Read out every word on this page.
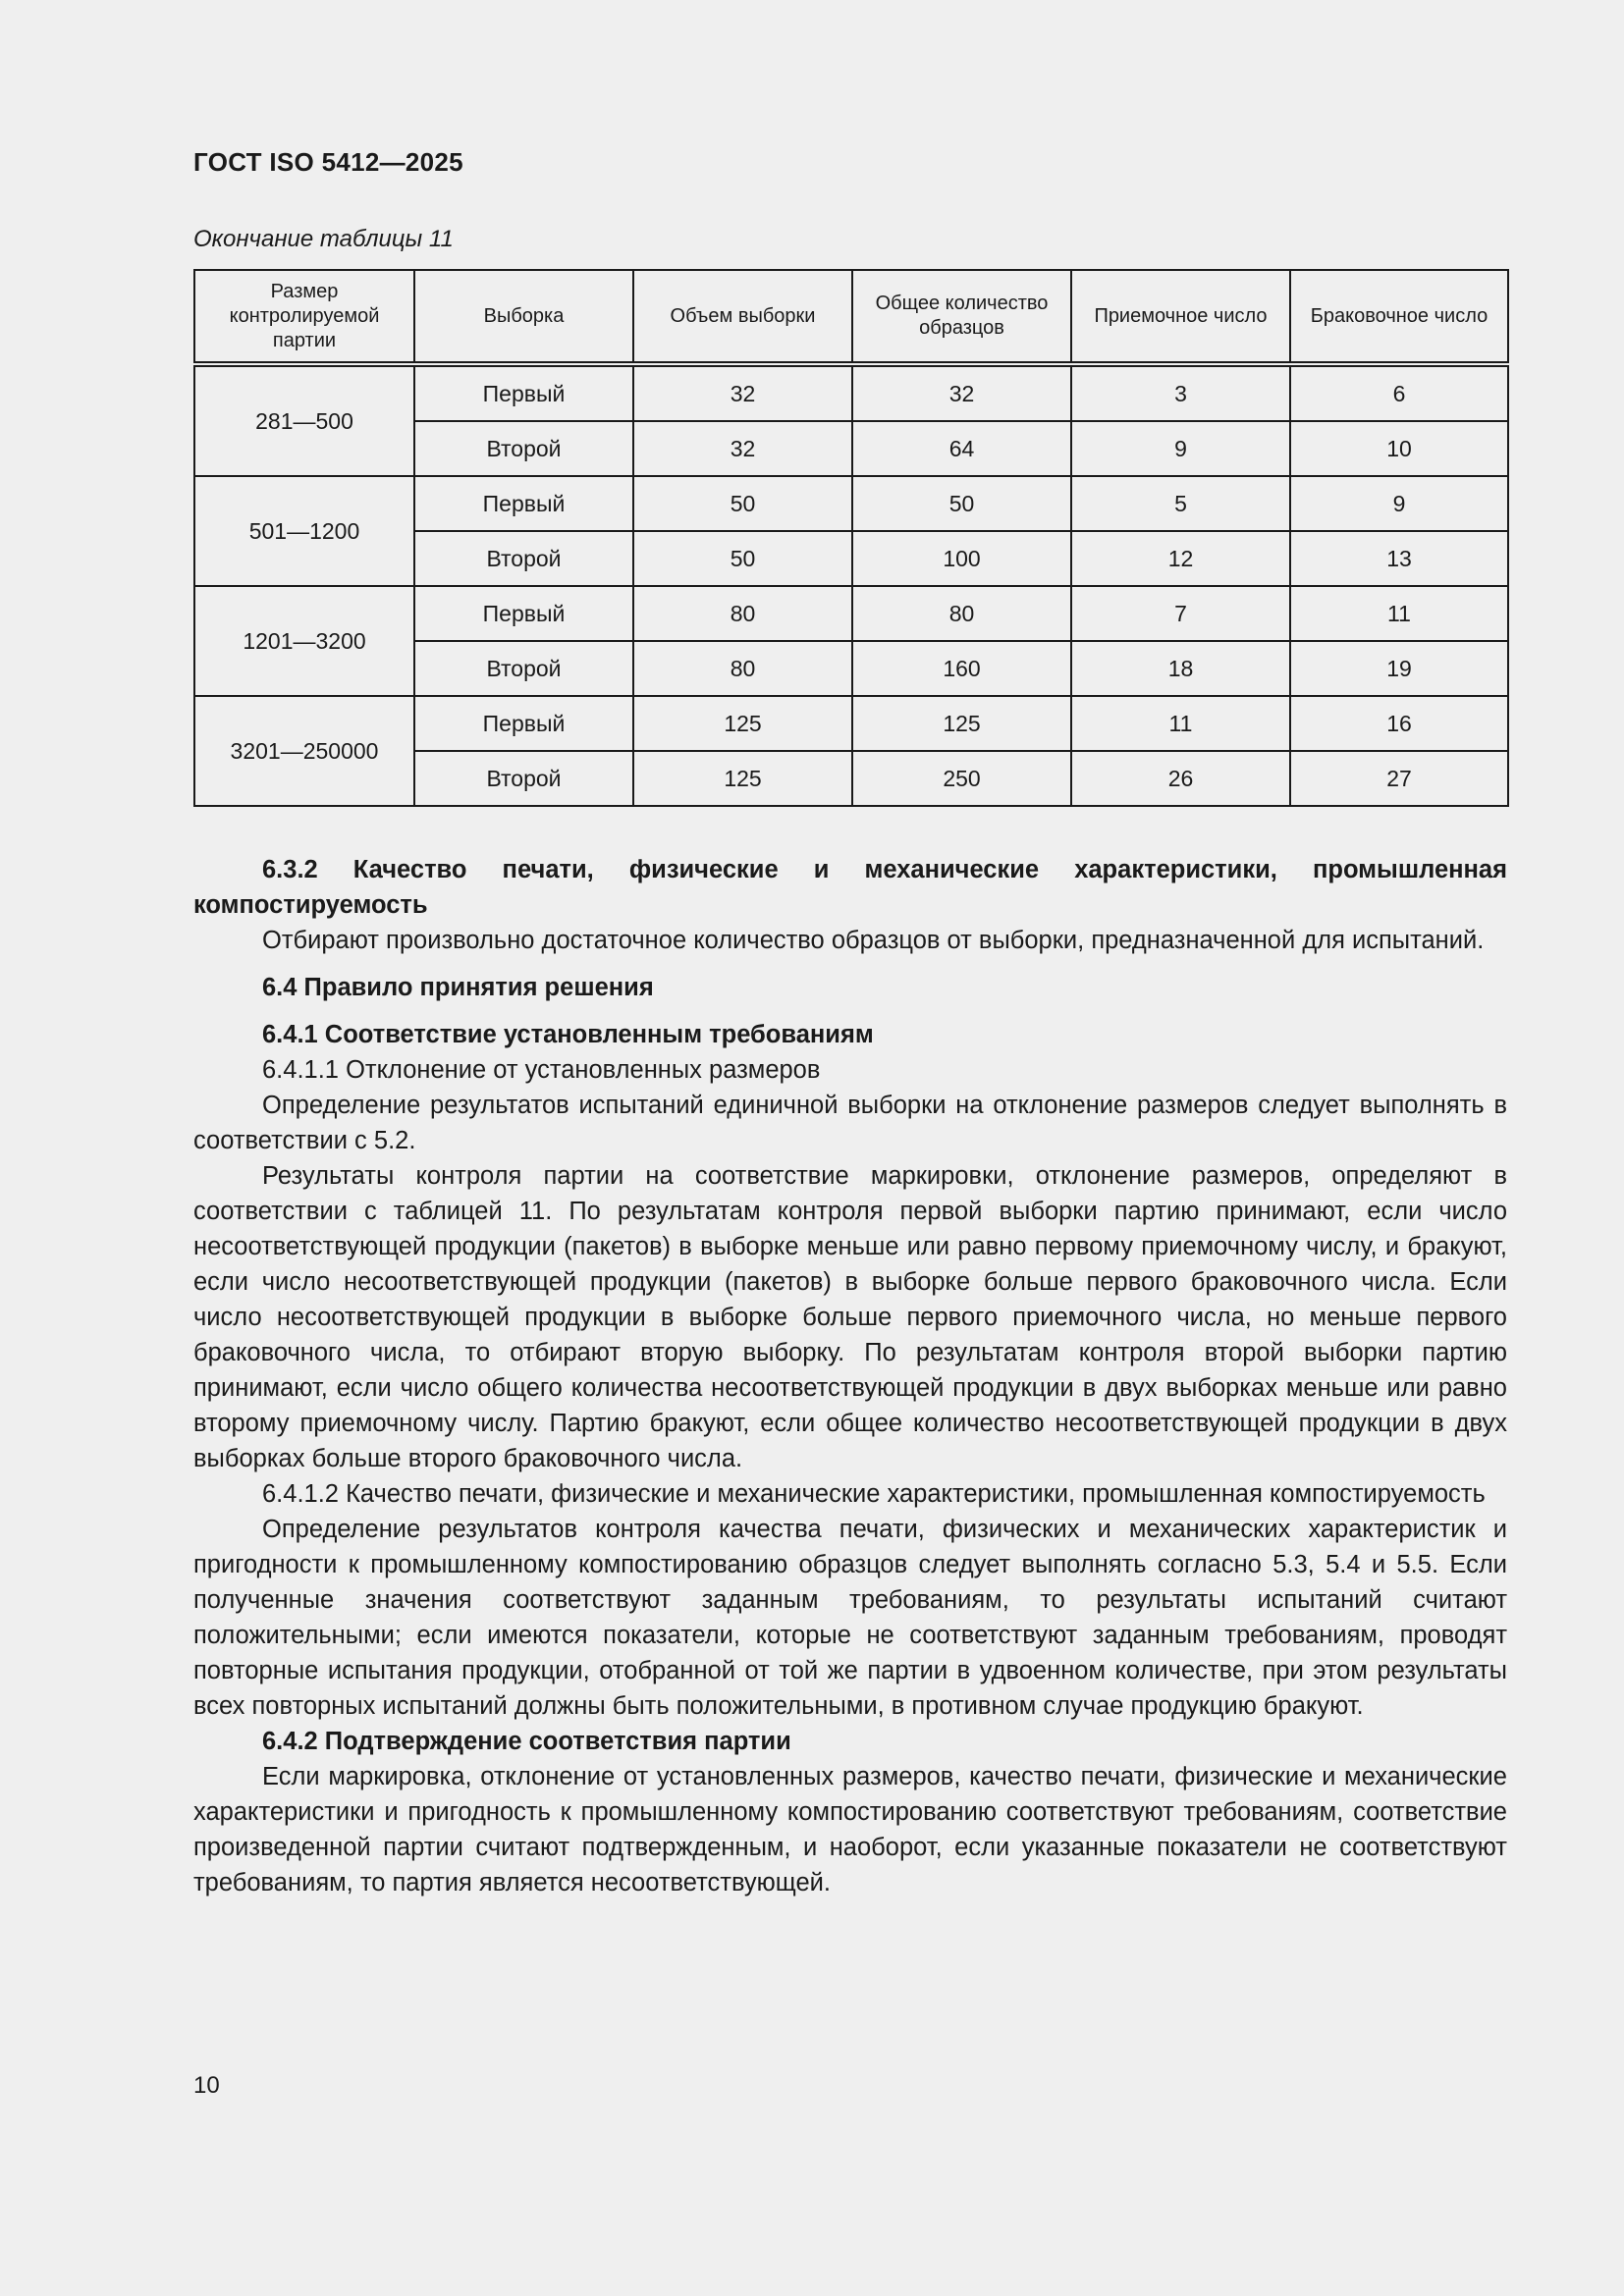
ГОСТ ISO 5412—2025
Окончание таблицы 11
Размер контролируемой партии	Выборка	Объем выборки	Общее количество образцов	Приемочное число	Браковочное число
281—500	Первый	32	32	3	6
	Второй	32	64	9	10
501—1200	Первый	50	50	5	9
	Второй	50	100	12	13
1201—3200	Первый	80	80	7	11
	Второй	80	160	18	19
3201—250000	Первый	125	125	11	16
	Второй	125	250	26	27

6.3.2 Качество печати, физические и механические характеристики, промышленная компостируемость

Отбирают произвольно достаточное количество образцов от выборки, предназначенной для испытаний.

6.4 Правило принятия решения

6.4.1 Соответствие установленным требованиям

6.4.1.1 Отклонение от установленных размеров

Определение результатов испытаний единичной выборки на отклонение размеров следует выполнять в соответствии с 5.2.

Результаты контроля партии на соответствие маркировки, отклонение размеров, определяют в соответствии с таблицей 11. По результатам контроля первой выборки партию принимают, если число несоответствующей продукции (пакетов) в выборке меньше или равно первому приемочному числу, и бракуют, если число несоответствующей продукции (пакетов) в выборке больше первого браковочного числа. Если число несоответствующей продукции в выборке больше первого приемочного числа, но меньше первого браковочного числа, то отбирают вторую выборку. По результатам контроля второй выборки партию принимают, если число общего количества несоответствующей продукции в двух выборках меньше или равно второму приемочному числу. Партию бракуют, если общее количество несоответствующей продукции в двух выборках больше второго браковочного числа.

6.4.1.2 Качество печати, физические и механические характеристики, промышленная компостируемость

Определение результатов контроля качества печати, физических и механических характеристик и пригодности к промышленному компостированию образцов следует выполнять согласно 5.3, 5.4 и 5.5. Если полученные значения соответствуют заданным требованиям, то результаты испытаний считают положительными; если имеются показатели, которые не соответствуют заданным требованиям, проводят повторные испытания продукции, отобранной от той же партии в удвоенном количестве, при этом результаты всех повторных испытаний должны быть положительными, в противном случае продукцию бракуют.

6.4.2 Подтверждение соответствия партии

Если маркировка, отклонение от установленных размеров, качество печати, физические и механические характеристики и пригодность к промышленному компостированию соответствуют требованиям, соответствие произведенной партии считают подтвержденным, и наоборот, если указанные показатели не соответствуют требованиям, то партия является несоответствующей.

10
